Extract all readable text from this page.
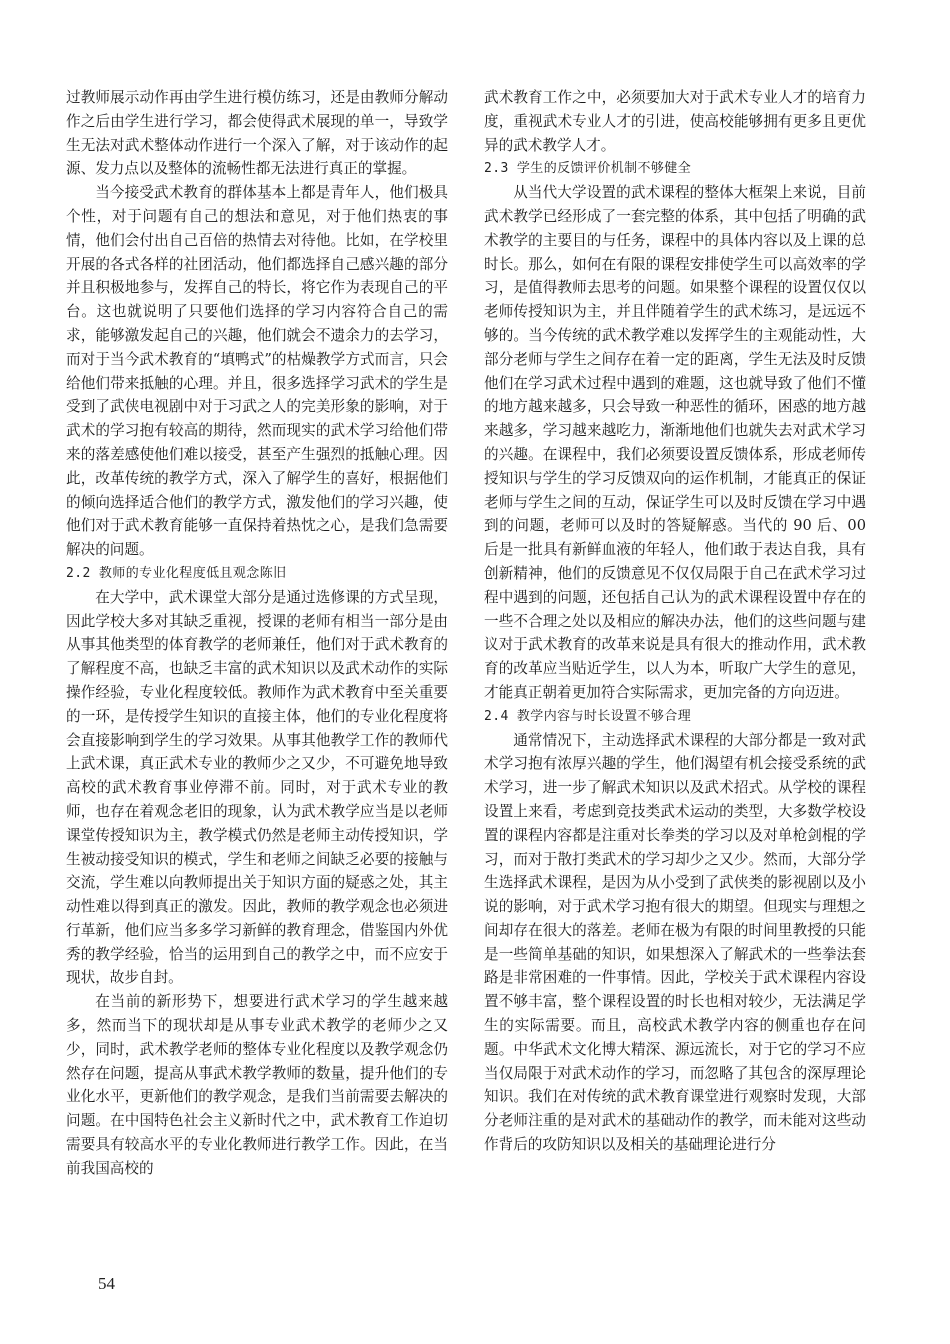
过教师展示动作再由学生进行模仿练习，还是由教师分解动作之后由学生进行学习，都会使得武术展现的单一，导致学生无法对武术整体动作进行一个深入了解，对于该动作的起源、发力点以及整体的流畅性都无法进行真正的掌握。

当今接受武术教育的群体基本上都是青年人，他们极具个性，对于问题有自己的想法和意见，对于他们热衷的事情，他们会付出自己百倍的热情去对待他。比如，在学校里开展的各式各样的社团活动，他们都选择自己感兴趣的部分并且积极地参与，发挥自己的特长，将它作为表现自己的平台。这也就说明了只要他们选择的学习内容符合自己的需求，能够激发起自己的兴趣，他们就会不遗余力的去学习，而对于当今武术教育的“填鸭式”的枯燥教学方式而言，只会给他们带来抵触的心理。并且，很多选择学习武术的学生是受到了武侠电视剧中对于习武之人的完美形象的影响，对于武术的学习抱有较高的期待，然而现实的武术学习给他们带来的落差感使他们难以接受，甚至产生强烈的抵触心理。因此，改革传统的教学方式，深入了解学生的喜好，根据他们的倾向选择适合他们的教学方式，激发他们的学习兴趣，使他们对于武术教育能够一直保持着热忱之心，是我们急需要解决的问题。

2.2 教师的专业化程度低且观念陈旧

在大学中，武术课堂大部分是通过选修课的方式呈现，因此学校大多对其缺乏重视，授课的老师有相当一部分是由从事其他类型的体育教学的老师兼任，他们对于武术教育的了解程度不高，也缺乏丰富的武术知识以及武术动作的实际操作经验，专业化程度较低。教师作为武术教育中至关重要的一环，是传授学生知识的直接主体，他们的专业化程度将会直接影响到学生的学习效果。从事其他教学工作的教师代上武术课，真正武术专业的教师少之又少，不可避免地导致高校的武术教育事业停滞不前。同时，对于武术专业的教师，也存在着观念老旧的现象，认为武术教学应当是以老师课堂传授知识为主，教学模式仍然是老师主动传授知识，学生被动接受知识的模式，学生和老师之间缺乏必要的接触与交流，学生难以向教师提出关于知识方面的疑惑之处，其主动性难以得到真正的激发。因此，教师的教学观念也必须进行革新，他们应当多多学习新鲜的教育理念，借鉴国内外优秀的教学经验，恰当的运用到自己的教学之中，而不应安于现状，故步自封。

在当前的新形势下，想要进行武术学习的学生越来越多，然而当下的现状却是从事专业武术教学的老师少之又少，同时，武术教学老师的整体专业化程度以及教学观念仍然存在问题，提高从事武术教学教师的数量，提升他们的专业化水平，更新他们的教学观念，是我们当前需要去解决的问题。在中国特色社会主义新时代之中，武术教育工作迫切需要具有较高水平的专业化教师进行教学工作。因此，在当前我国高校的

武术教育工作之中，必须要加大对于武术专业人才的培育力度，重视武术专业人才的引进，使高校能够拥有更多且更优异的武术教学人才。

2.3 学生的反馈评价机制不够健全

从当代大学设置的武术课程的整体大框架上来说，目前武术教学已经形成了一套完整的体系，其中包括了明确的武术教学的主要目的与任务，课程中的具体内容以及上课的总时长。那么，如何在有限的课程安排使学生可以高效率的学习，是值得教师去思考的问题。如果整个课程的设置仅仅以老师传授知识为主，并且伴随着学生的武术练习，是远远不够的。当今传统的武术教学难以发挥学生的主观能动性，大部分老师与学生之间存在着一定的距离，学生无法及时反馈他们在学习武术过程中遇到的难题，这也就导致了他们不懂的地方越来越多，只会导致一种恶性的循环，困惑的地方越来越多，学习越来越吃力，渐渐地他们也就失去对武术学习的兴趣。在课程中，我们必须要设置反馈体系，形成老师传授知识与学生的学习反馈双向的运作机制，才能真正的保证老师与学生之间的互动，保证学生可以及时反馈在学习中遇到的问题，老师可以及时的答疑解惑。当代的 90 后、00 后是一批具有新鲜血液的年轻人，他们敢于表达自我，具有创新精神，他们的反馈意见不仅仅局限于自己在武术学习过程中遇到的问题，还包括自己认为的武术课程设置中存在的一些不合理之处以及相应的解决办法，他们的这些问题与建议对于武术教育的改革来说是具有很大的推动作用，武术教育的改革应当贴近学生，以人为本，听取广大学生的意见，才能真正朝着更加符合实际需求，更加完备的方向迈进。

2.4 教学内容与时长设置不够合理

通常情况下，主动选择武术课程的大部分都是一致对武术学习抱有浓厚兴趣的学生，他们渴望有机会接受系统的武术学习，进一步了解武术知识以及武术招式。从学校的课程设置上来看，考虑到竞技类武术运动的类型，大多数学校设置的课程内容都是注重对长拳类的学习以及对单枪剑棍的学习，而对于散打类武术的学习却少之又少。然而，大部分学生选择武术课程，是因为从小受到了武侠类的影视剧以及小说的影响，对于武术学习抱有很大的期望。但现实与理想之间却存在很大的落差。老师在极为有限的时间里教授的只能是一些简单基础的知识，如果想深入了解武术的一些拳法套路是非常困难的一件事情。因此，学校关于武术课程内容设置不够丰富，整个课程设置的时长也相对较少，无法满足学生的实际需要。而且，高校武术教学内容的侧重也存在问题。中华武术文化博大精深、源远流长，对于它的学习不应当仅局限于对武术动作的学习，而忽略了其包含的深厚理论知识。我们在对传统的武术教育课堂进行观察时发现，大部分老师注重的是对武术的基础动作的教学，而未能对这些动作背后的攻防知识以及相关的基础理论进行分

54
